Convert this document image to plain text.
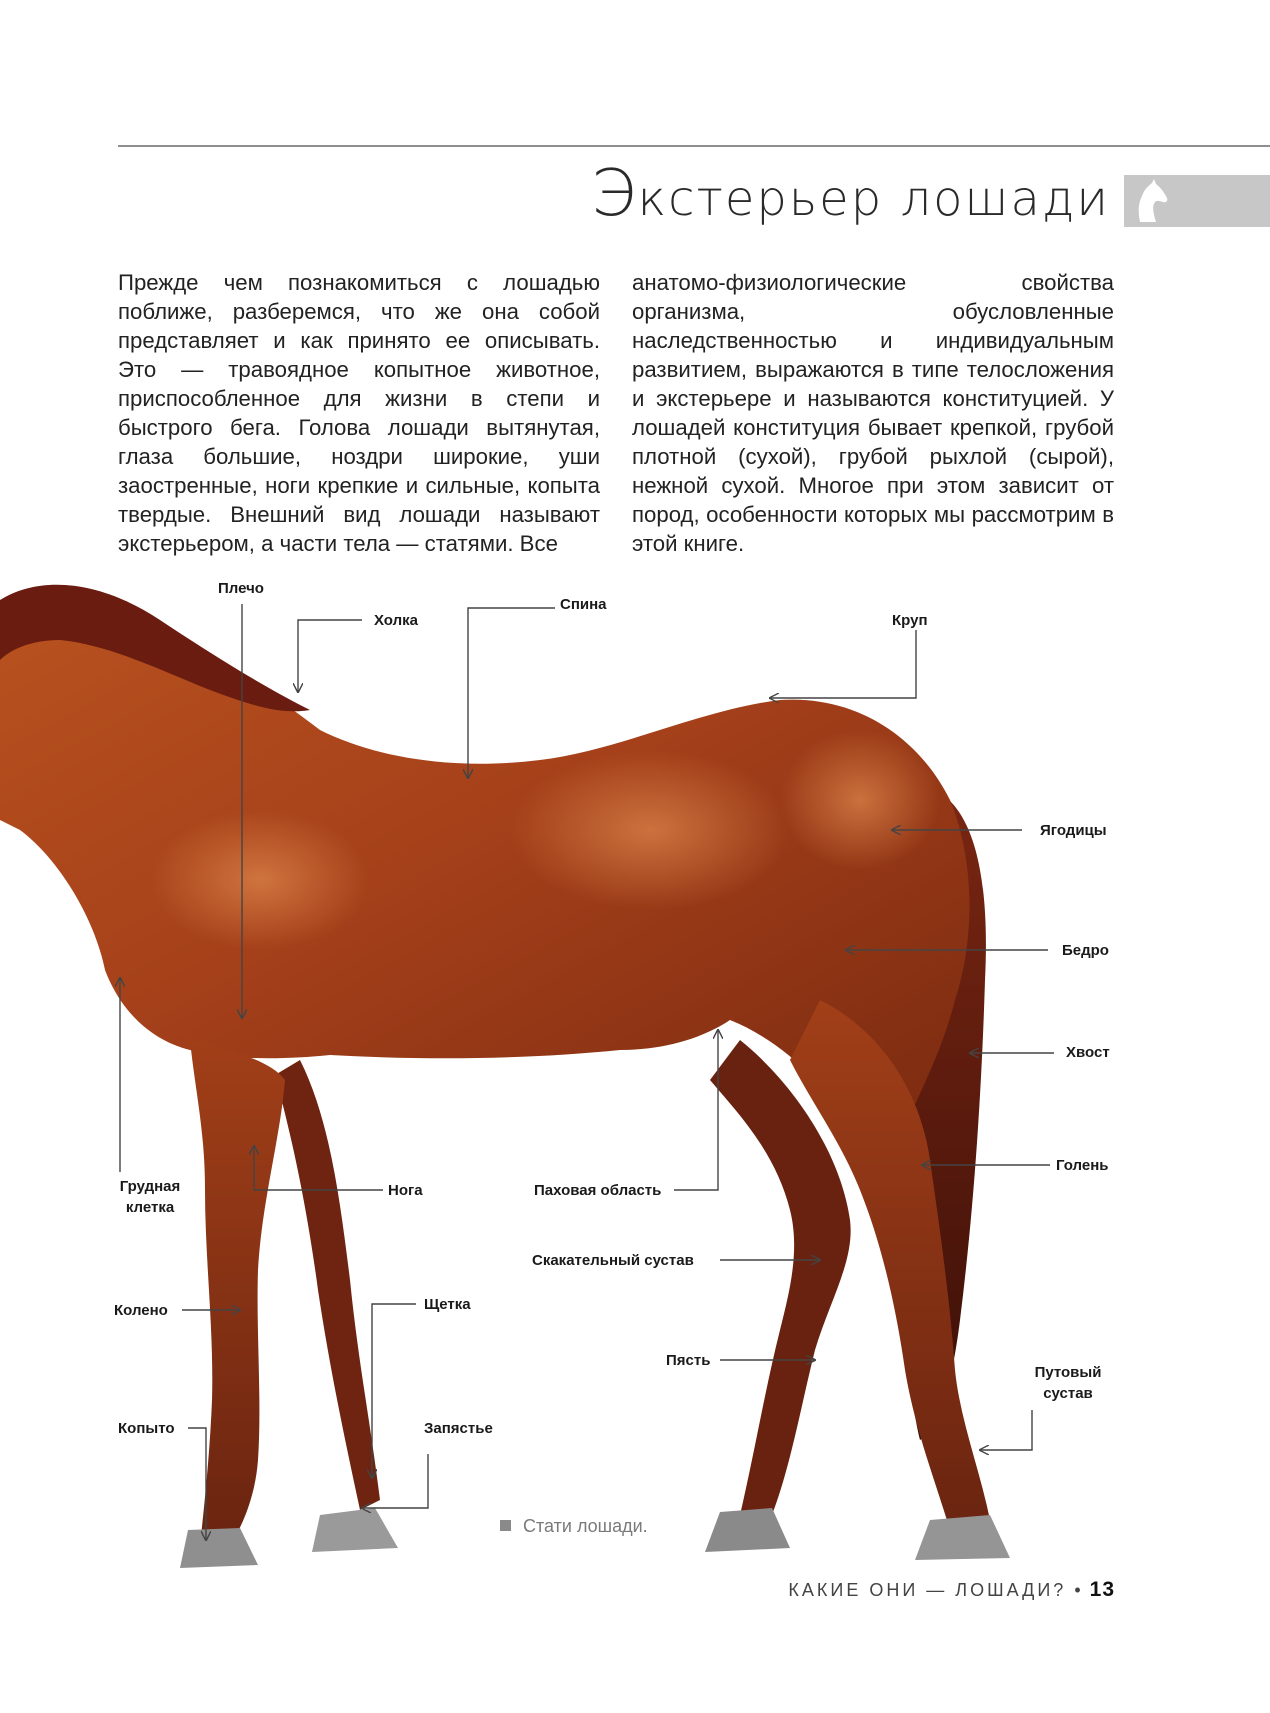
Экстерьер лошади
Прежде чем познакомиться с лошадью поближе, разберемся, что же она собой представляет и как принято ее описывать. Это — травоядное копытное животное, приспособленное для жизни в степи и быстрого бега. Голова лошади вытянутая, глаза большие, ноздри широкие, уши заостренные, ноги крепкие и сильные, копыта твердые. Внешний вид лошади называют экстерьером, а части тела — статями. Все
анатомо-физиологические свойства организма, обусловленные наследственностью и индивидуальным развитием, выражаются в типе телосложения и экстерьере и называются конституцией. У лошадей конституция бывает крепкой, грубой плотной (сухой), грубой рыхлой (сырой), нежной сухой. Многое при этом зависит от пород, особенности которых мы рассмотрим в этой книге.
Плечо
Холка
Спина
Круп
Ягодицы
Бедро
Хвост
Голень
Грудная
клетка
Нога	Паховая область
Скакательный сустав
Колено	Щетка
Пясть
Путовый
сустав
Копыто	Запястье
Стати лошади.
КАКИЕ ОНИ — ЛОШАДИ? • 13
